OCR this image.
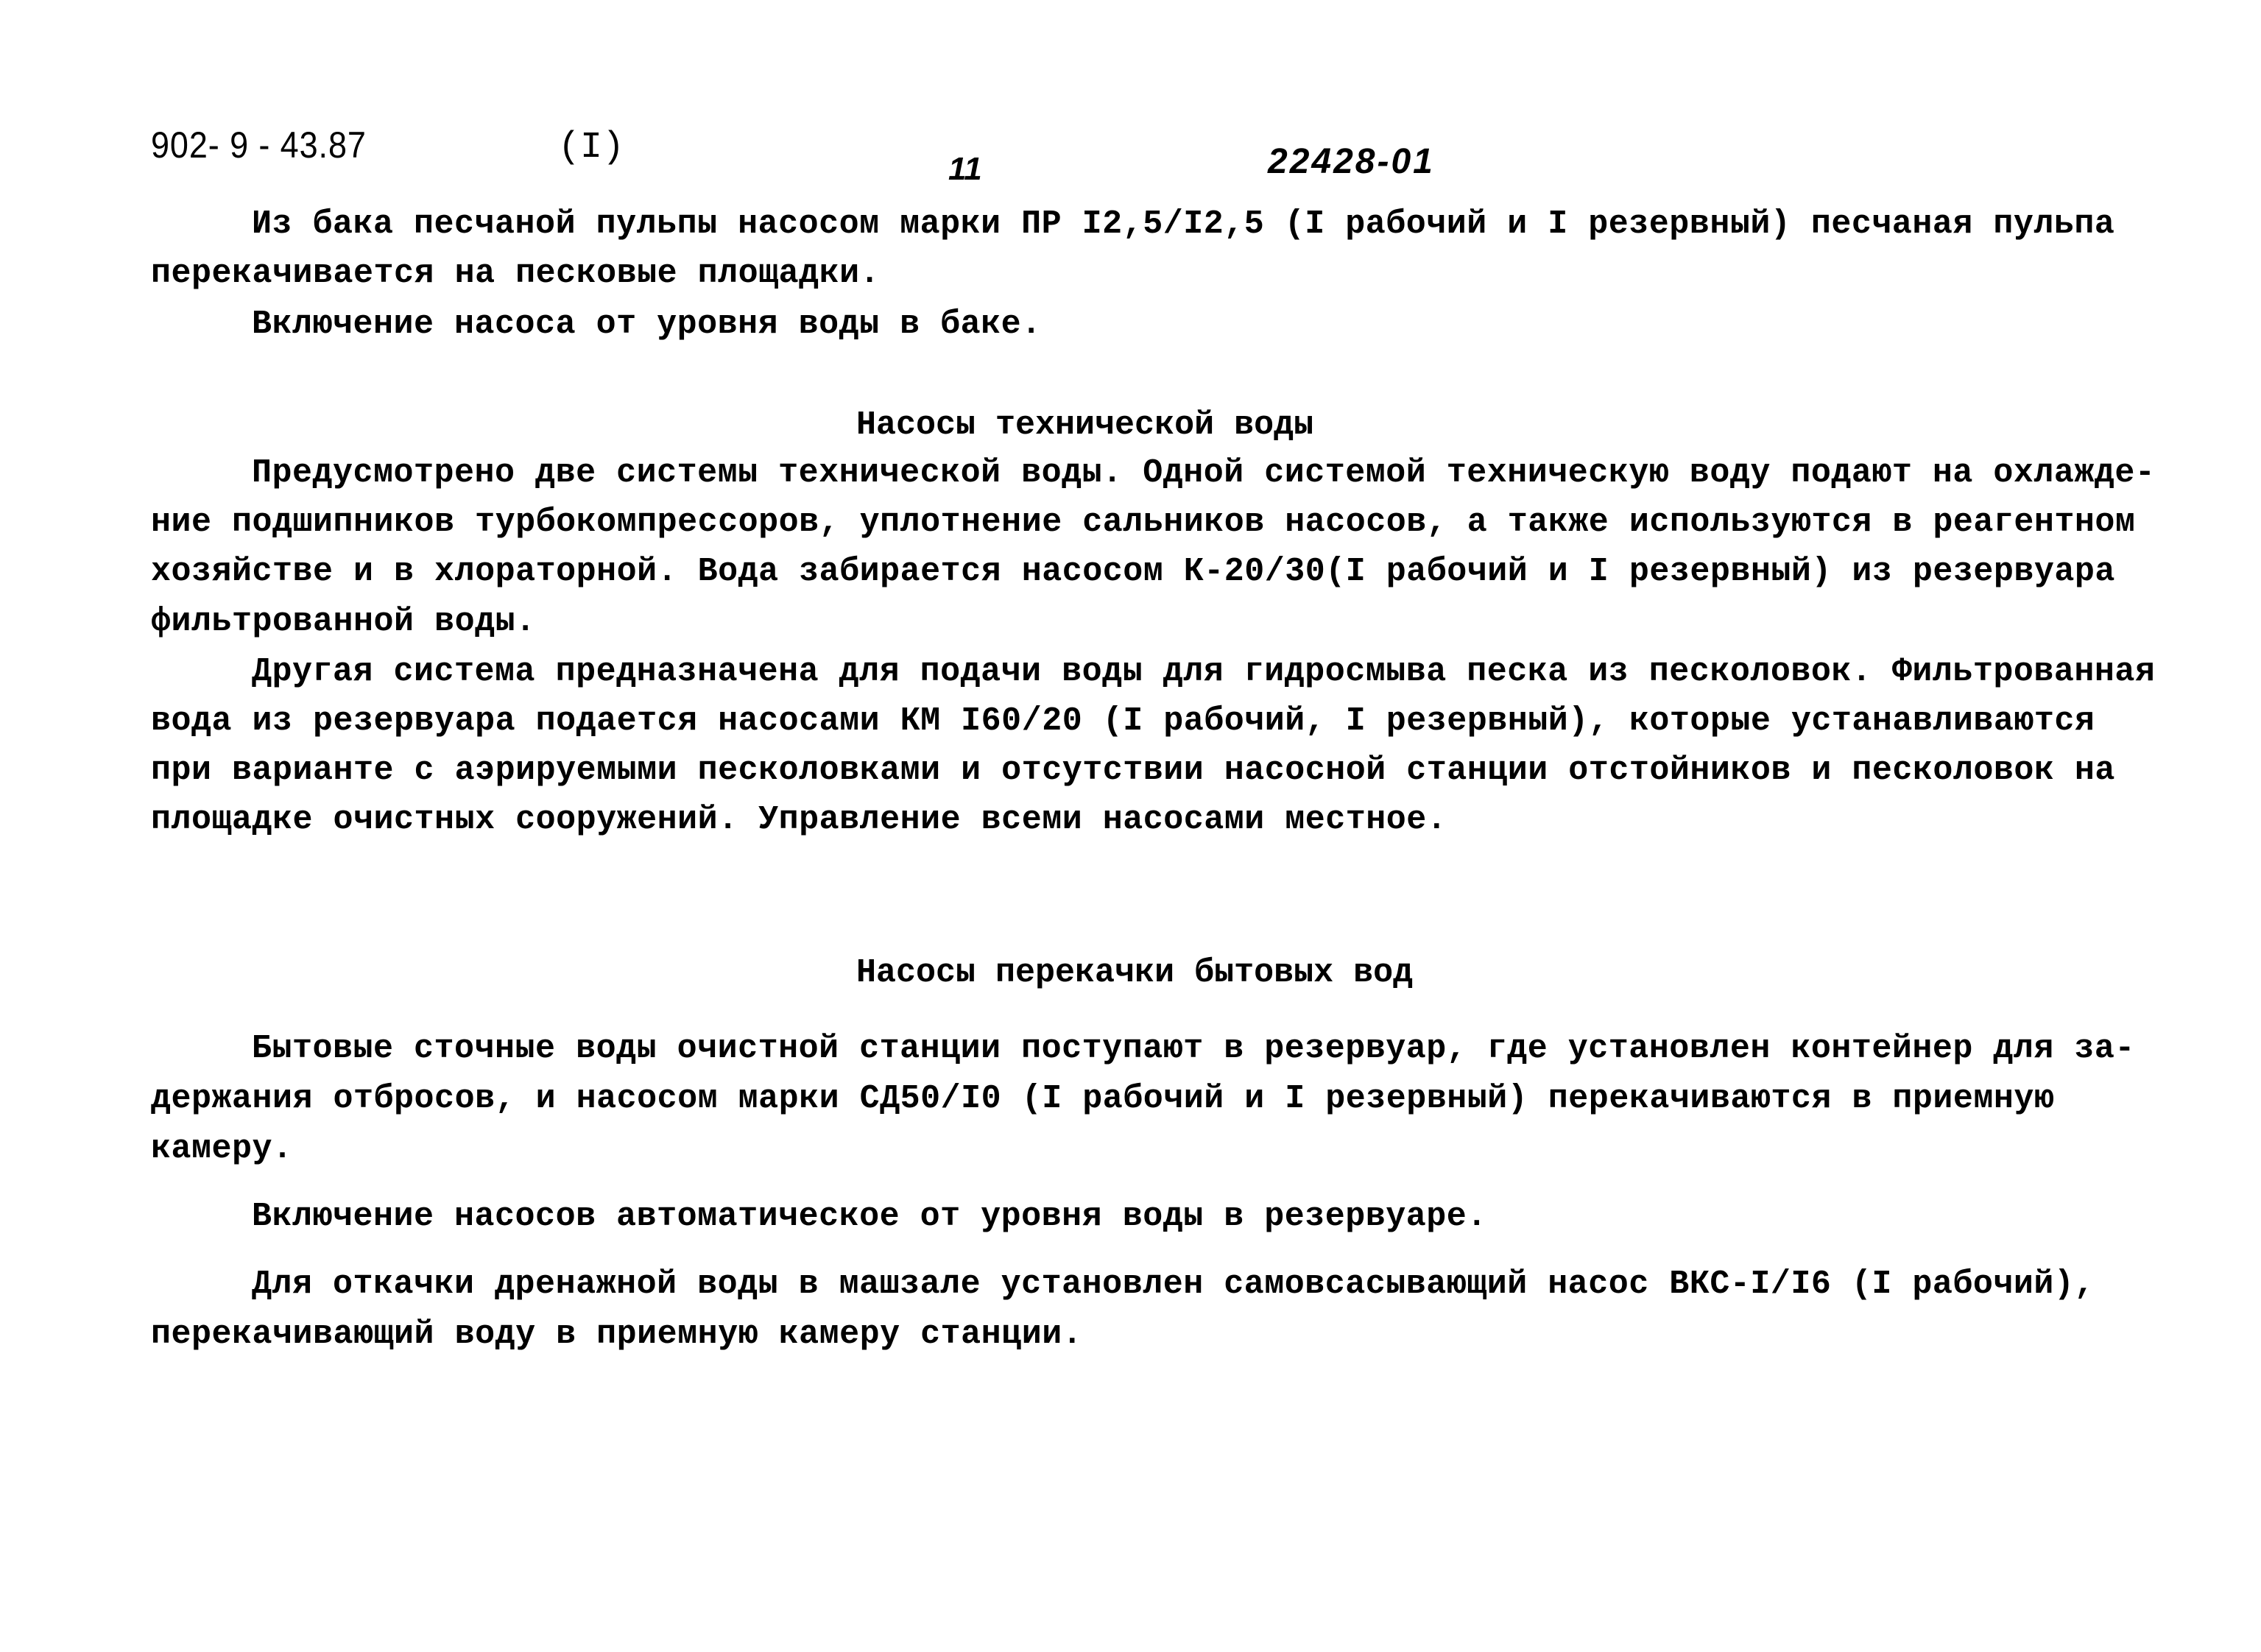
902- 9 - 43.87	(I)
11	22428-01
Из бака песчаной пульпы насосом марки ПР I2,5/I2,5 (I рабочий и I резервный) песчаная пульпа
перекачивается на песковые площадки.
Включение насоса от уровня воды в баке.
Насосы технической воды
Предусмотрено две системы технической воды. Одной системой техническую воду подают на охлажде-
ние подшипников турбокомпрессоров, уплотнение сальников насосов, а также используются в реагентном
хозяйстве и в хлораторной. Вода забирается насосом К-20/30(I рабочий и I резервный) из резервуара
фильтрованной воды.
Другая система предназначена для подачи воды для гидросмыва песка из песколовок. Фильтрованная
вода из резервуара подается насосами КМ I60/20 (I рабочий, I резервный), которые устанавливаются
при варианте с аэрируемыми песколовками и отсутствии насосной станции отстойников и песколовок на
площадке очистных сооружений. Управление всеми насосами местное.
Насосы перекачки бытовых вод
Бытовые сточные воды очистной станции поступают в резервуар, где установлен контейнер для за-
держания отбросов, и насосом марки СД50/I0 (I рабочий и I резервный) перекачиваются в приемную
камеру.
Включение насосов автоматическое от уровня воды в резервуаре.
Для откачки дренажной воды в машзале установлен самовсасывающий насос ВКС-I/I6 (I рабочий),
перекачивающий воду в приемную камеру станции.
